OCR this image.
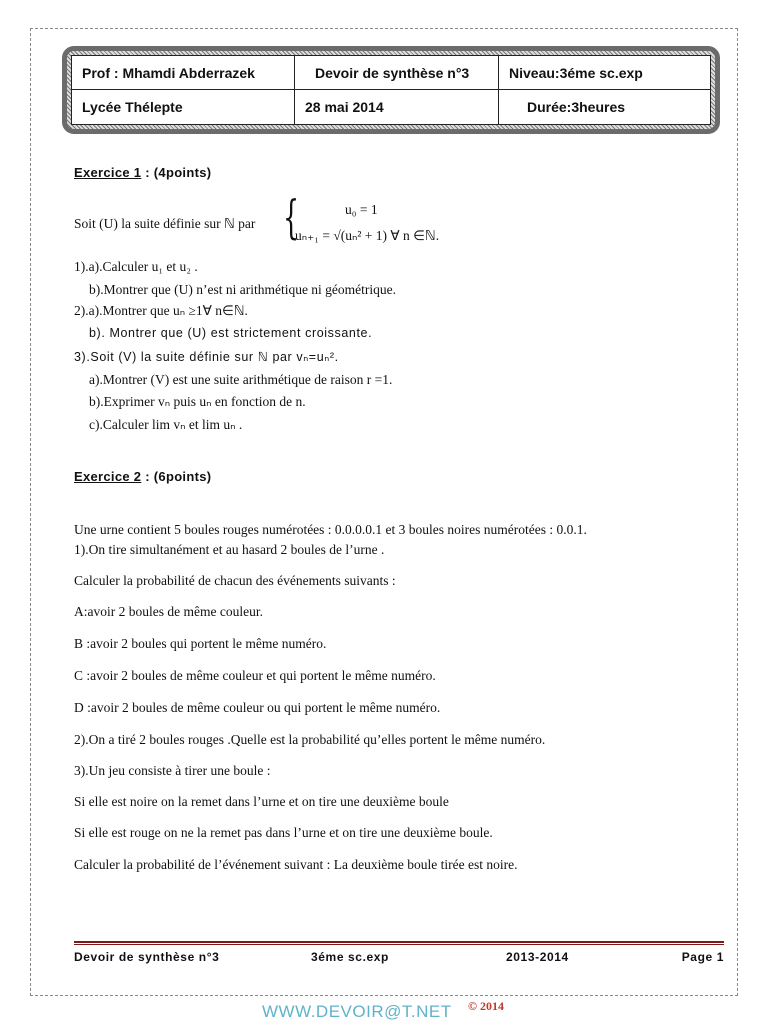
Prof : Mhamdi Abderrazek	Devoir de synthèse n°3	Niveau:3éme sc.exp
Lycée Thélepte	28 mai 2014	Durée:3heures
Exercice 1 : (4points)
Soit (U) la suite définie sur ℕ par {	u₀ = 1
uₙ₊₁ = √(uₙ² + 1) ∀ n ∈ℕ.
1).a).Calculer u₁ et u₂ .
b).Montrer que (U) n’est ni arithmétique ni géométrique.
2).a).Montrer que uₙ ≥1∀ n∈ℕ.
b). Montrer que (U) est strictement croissante.
3).Soit (V) la suite définie sur ℕ par vₙ=uₙ².
a).Montrer (V) est une suite arithmétique de raison r =1.
b).Exprimer vₙ puis uₙ en fonction de n.
c).Calculer lim vₙ et lim uₙ .
Exercice 2 : (6points)
Une urne contient 5 boules rouges numérotées : 0.0.0.0.1 et 3 boules noires numérotées : 0.0.1.
1).On tire simultanément et au hasard 2 boules de l’urne .
Calculer la probabilité de chacun des événements suivants :
A:avoir 2 boules de même couleur.
B :avoir 2 boules qui portent le même numéro.
C :avoir 2 boules de même couleur et qui portent le même numéro.
D :avoir 2 boules de même couleur ou qui portent le même numéro.
2).On a tiré 2 boules rouges .Quelle est la probabilité qu’elles portent le même numéro.
3).Un jeu consiste à tirer une boule :
Si elle est noire on la remet dans l’urne et on tire une deuxième boule
Si elle est rouge on ne la remet pas dans l’urne et on tire une deuxième boule.
Calculer la probabilité de l’événement suivant : La deuxième boule tirée est noire.
Devoir de synthèse n°3	3éme sc.exp	2013-2014	Page 1
WWW.DEVOIR@T.NET © 2014
